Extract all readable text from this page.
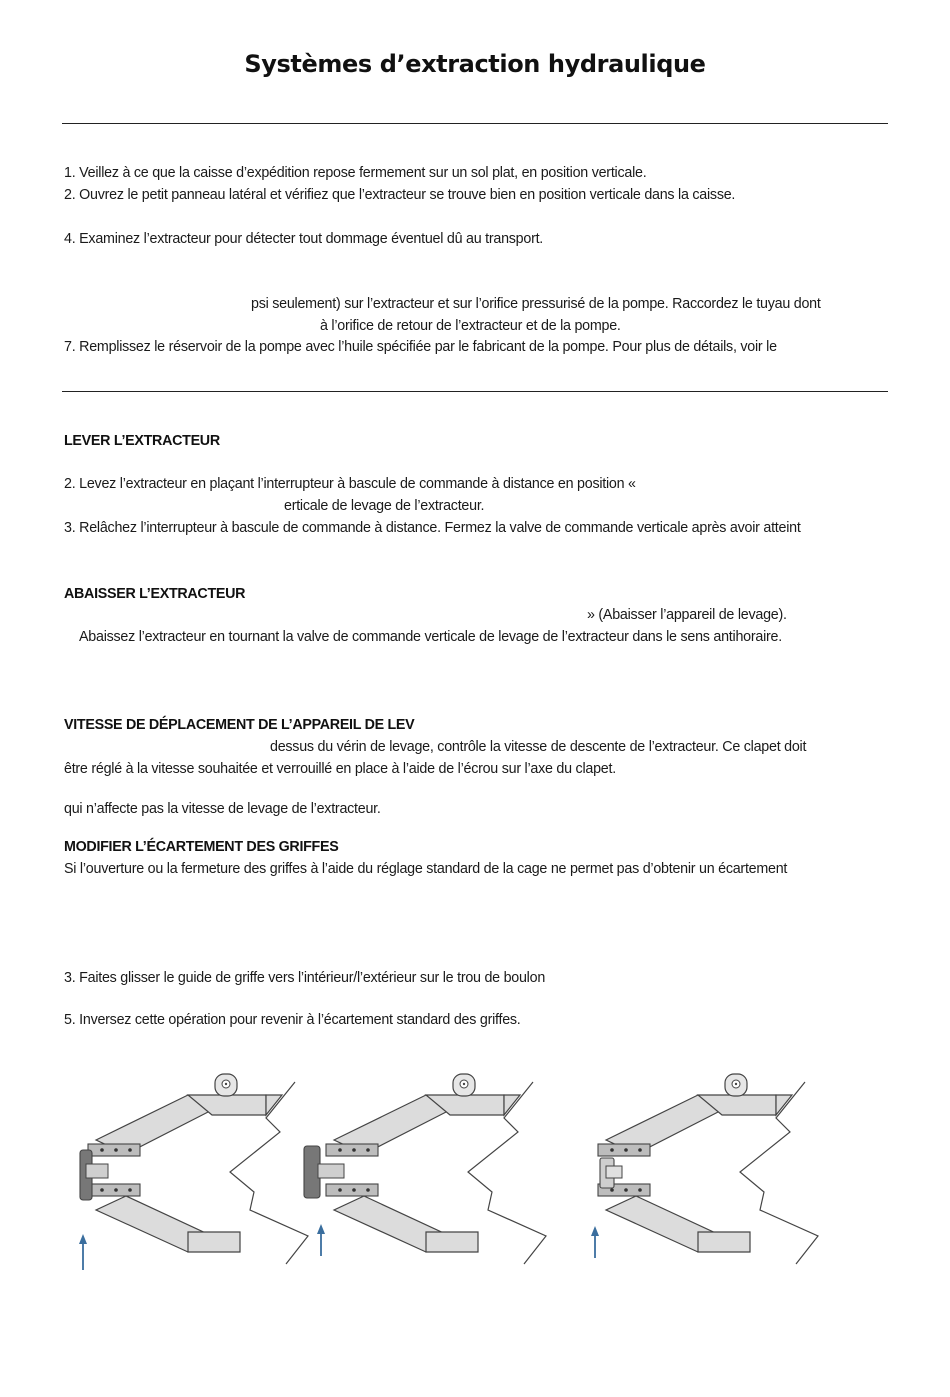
Systèmes d’extraction hydraulique
1. Veillez à ce que la caisse d’expédition repose fermement sur un sol plat, en position verticale.
2. Ouvrez le petit panneau latéral et vérifiez que l’extracteur se trouve bien en position verticale dans la caisse.
4. Examinez l’extracteur pour détecter tout dommage éventuel dû au transport.
psi seulement) sur l’extracteur et sur l’orifice pressurisé de la pompe. Raccordez le tuyau dont
à l’orifice de retour de l’extracteur et de la pompe.
7. Remplissez le réservoir de la pompe avec l’huile spécifiée par le fabricant de la pompe. Pour plus de détails, voir le
LEVER L’EXTRACTEUR
2. Levez l’extracteur en plaçant l’interrupteur à bascule de commande à distance en position «
erticale de levage de l’extracteur.
3. Relâchez l’interrupteur à bascule de commande à distance. Fermez la valve de commande verticale après avoir atteint
ABAISSER L’EXTRACTEUR
» (Abaisser l’appareil de levage).
Abaissez l’extracteur en tournant la valve de commande verticale de levage de l’extracteur dans le sens antihoraire.
VITESSE DE DÉPLACEMENT DE L’APPAREIL DE LEV
dessus du vérin de levage, contrôle la vitesse de descente de l’extracteur. Ce clapet doit
être réglé à la vitesse souhaitée et verrouillé en place à l’aide de l’écrou sur l’axe du clapet.
qui n’affecte pas la vitesse de levage de l’extracteur.
MODIFIER L’ÉCARTEMENT DES GRIFFES
Si l’ouverture ou la fermeture des griffes à l’aide du réglage standard de la cage ne permet pas d’obtenir un écartement
3. Faites glisser le guide de griffe vers l’intérieur/l’extérieur sur le trou de boulon
5. Inversez cette opération pour revenir à l’écartement standard des griffes.
